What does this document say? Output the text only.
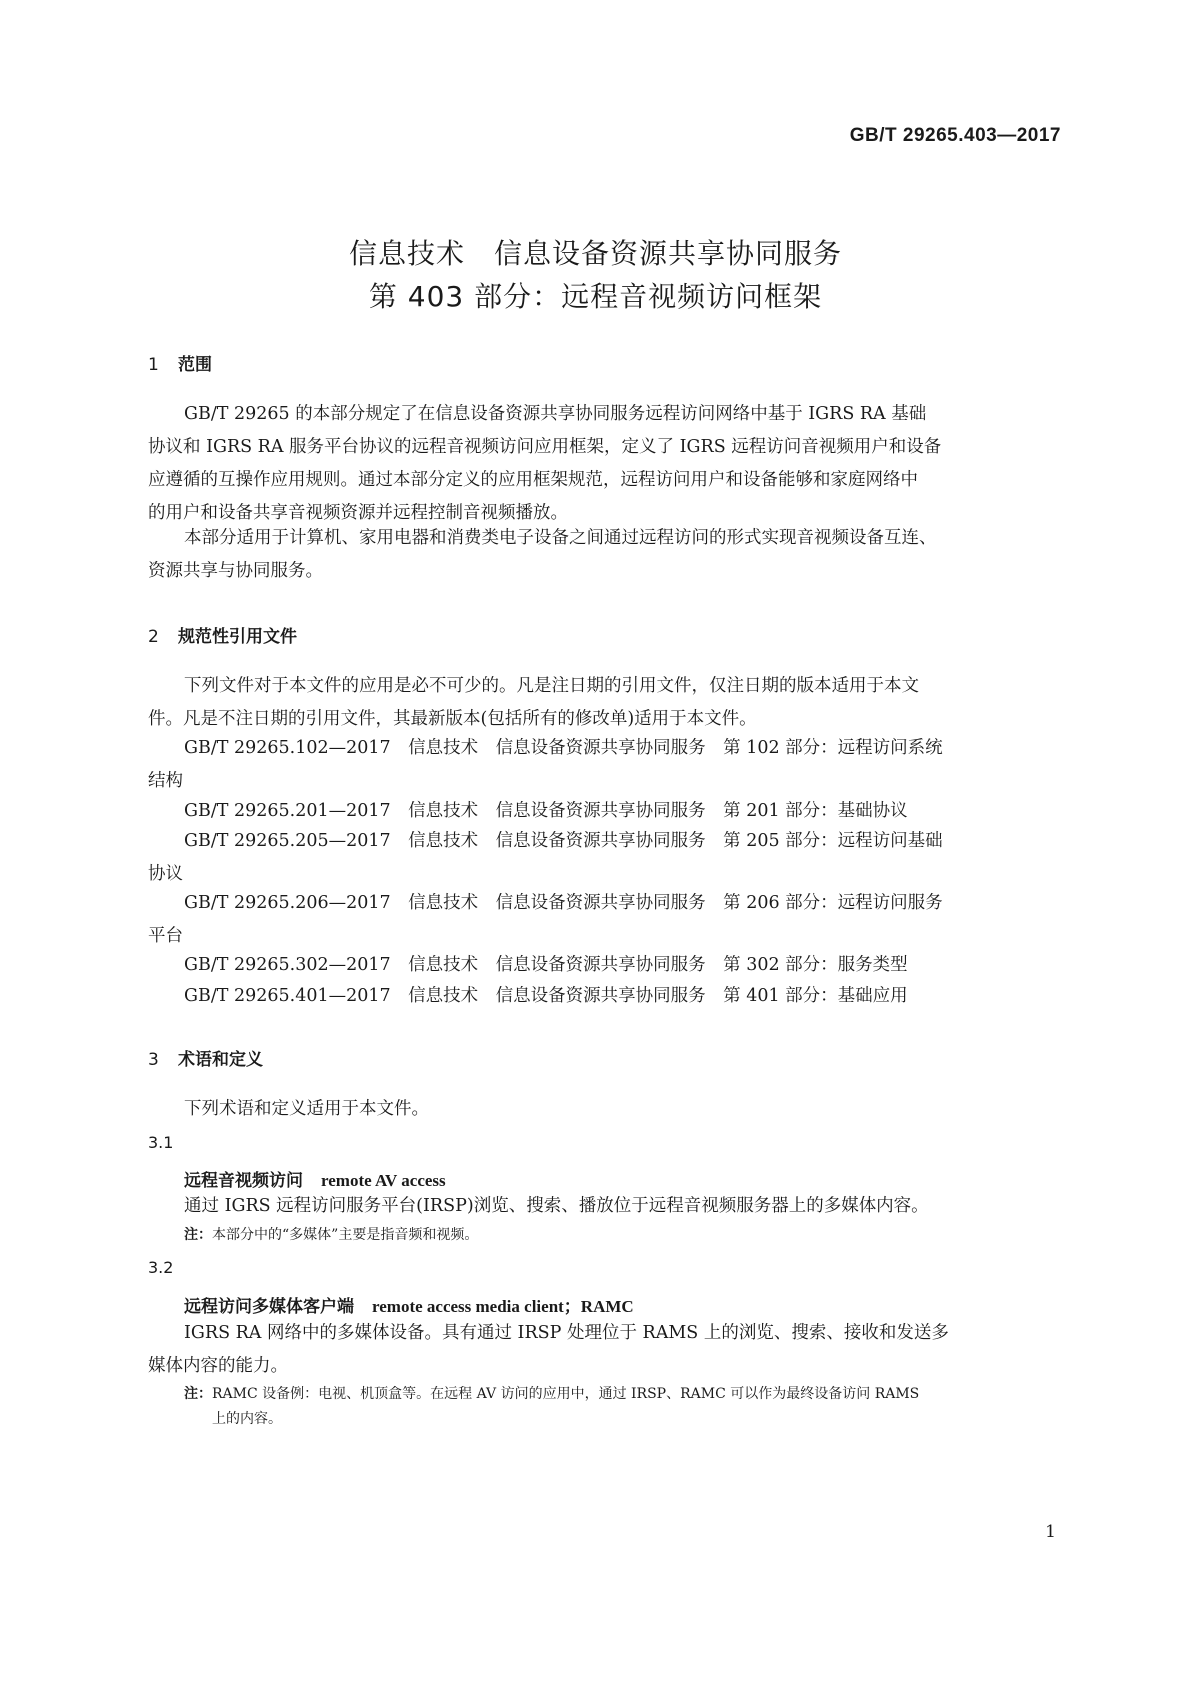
GB/T 29265.403—2017
信息技术　信息设备资源共享协同服务
第 403 部分：远程音视频访问框架
1 范围
GB/T 29265 的本部分规定了在信息设备资源共享协同服务远程访问网络中基于 IGRS RA 基础
协议和 IGRS RA 服务平台协议的远程音视频访问应用框架，定义了 IGRS 远程访问音视频用户和设备
应遵循的互操作应用规则。通过本部分定义的应用框架规范，远程访问用户和设备能够和家庭网络中
的用户和设备共享音视频资源并远程控制音视频播放。
本部分适用于计算机、家用电器和消费类电子设备之间通过远程访问的形式实现音视频设备互连、
资源共享与协同服务。
2 规范性引用文件
下列文件对于本文件的应用是必不可少的。凡是注日期的引用文件，仅注日期的版本适用于本文
件。凡是不注日期的引用文件，其最新版本(包括所有的修改单)适用于本文件。
GB/T 29265.102—2017　信息技术　信息设备资源共享协同服务　第 102 部分：远程访问系统
结构
GB/T 29265.201—2017　信息技术　信息设备资源共享协同服务　第 201 部分：基础协议
GB/T 29265.205—2017　信息技术　信息设备资源共享协同服务　第 205 部分：远程访问基础
协议
GB/T 29265.206—2017　信息技术　信息设备资源共享协同服务　第 206 部分：远程访问服务
平台
GB/T 29265.302—2017　信息技术　信息设备资源共享协同服务　第 302 部分：服务类型
GB/T 29265.401—2017　信息技术　信息设备资源共享协同服务　第 401 部分：基础应用
3 术语和定义
下列术语和定义适用于本文件。
3.1
远程音视频访问 remote AV access
通过 IGRS 远程访问服务平台(IRSP)浏览、搜索、播放位于远程音视频服务器上的多媒体内容。
注：本部分中的“多媒体”主要是指音频和视频。
3.2
远程访问多媒体客户端 remote access media client；RAMC
IGRS RA 网络中的多媒体设备。具有通过 IRSP 处理位于 RAMS 上的浏览、搜索、接收和发送多
媒体内容的能力。
注：RAMC 设备例：电视、机顶盒等。在远程 AV 访问的应用中，通过 IRSP、RAMC 可以作为最终设备访问 RAMS
上的内容。
1
